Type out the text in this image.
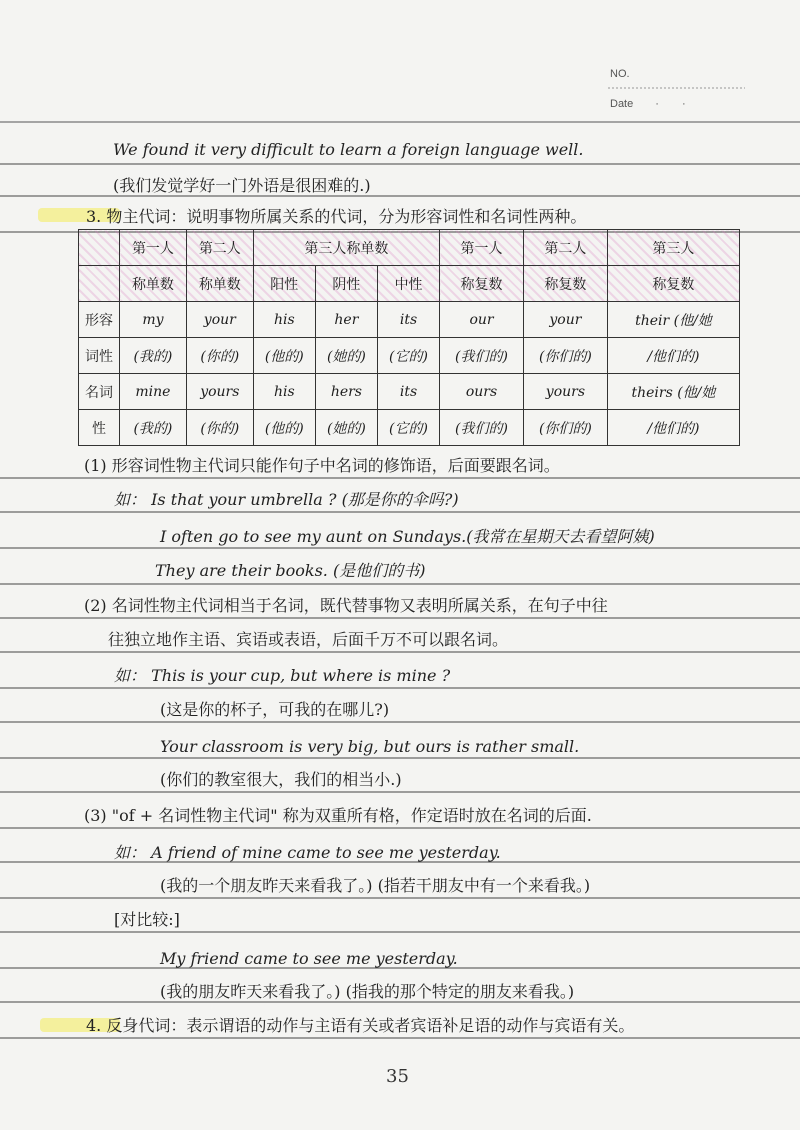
NO.
Date · ·
We found it very difficult to learn a foreign language well.
(我们发觉学好一门外语是很困难的.)
3. 物主代词：说明事物所属关系的代词，分为形容词性和名词性两种。
	第一人	第二人	第三人称单数			第一人	第二人	第三人
	称单数	称单数	阳性	阴性	中性	称复数	称复数	称复数
形容	my	your	his	her	its	our	your	their (他/她
词性	(我的)	(你的)	(他的)	(她的)	(它的)	(我们的)	(你们的)	/他们的)
名词	mine	yours	his	hers	its	ours	yours	theirs (他/她
性	(我的)	(你的)	(他的)	(她的)	(它的)	(我们的)	(你们的)	/他们的)
(1) 形容词性物主代词只能作句子中名词的修饰语，后面要跟名词。
如： Is that your umbrella ? (那是你的伞吗?)
I often go to see my aunt on Sundays.(我常在星期天去看望阿姨)
They are their books. (是他们的书)
(2) 名词性物主代词相当于名词，既代替事物又表明所属关系，在句子中往
往独立地作主语、宾语或表语，后面千万不可以跟名词。
如： This is your cup, but where is mine ?
(这是你的杯子，可我的在哪儿?)
Your classroom is very big, but ours is rather small.
(你们的教室很大，我们的相当小.)
(3) "of + 名词性物主代词" 称为双重所有格，作定语时放在名词的后面.
如： A friend of mine came to see me yesterday.
(我的一个朋友昨天来看我了。) (指若干朋友中有一个来看我。)
[对比较:]
My friend came to see me yesterday.
(我的朋友昨天来看我了。) (指我的那个特定的朋友来看我。)
4. 反身代词：表示谓语的动作与主语有关或者宾语补足语的动作与宾语有关。
35
